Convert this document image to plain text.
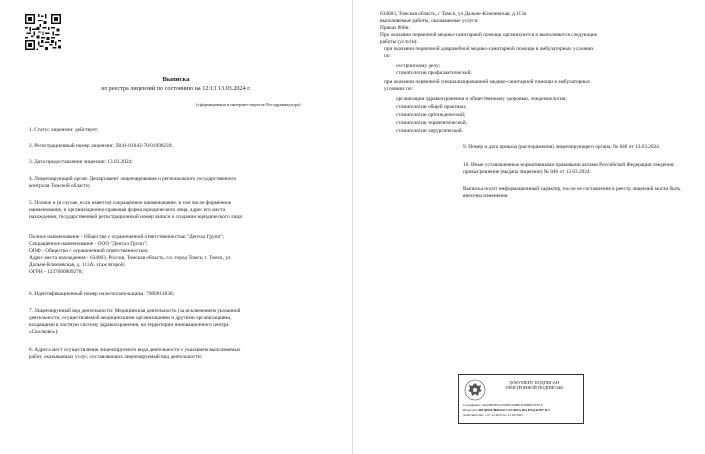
Выписка
из реестра лицензий по состоянию на 12:13 13.03.2024 г.
(сформирована в интернет-портале Росздравнадзора)
1. Статус лицензии: действует;
2. Регистрационный номер лицензии: Л041-01043-70/01090239;
3. Дата предоставления лицензии: 13.03.2024;
4. Лицензирующий орган: Департамент лицензирования и регионального государственного
контроля Томской области;
5. Полное и (в случае, если имеется) сокращённое наименование, в том числе фирменное
наименование, и организационно-правовая форма юридического лица, адрес его места
нахождения, государственный регистрационный номер записи о создании юридического лица:
Полное наименование - Общество с ограниченной ответственностью "Дентал Групп";
Сокращённое наименование - ООО "Дентал Групп";
ОПФ - Общество с ограниченной ответственностью;
Адрес места нахождения - 634003, Россия, Томская область, г.о. город Томск, г. Томск, ул.
Дальне-Ключевская, д. 113А, этаж второй;
ОГРН - 1237000009278;
6. Идентификационный номер налогоплательщика: 7000011830;
7. Лицензируемый вид деятельности: Медицинская деятельность (за исключением указанной
деятельности, осуществляемой медицинскими организациями и другими организациями,
входящими в частную систему здравоохранения, на территории инновационного центра
«Сколково»);
8. Адреса мест осуществления лицензируемого вида деятельности с указанием выполняемых
работ, оказываемых услуг, составляющих лицензируемый вид деятельности:
634003, Томская область, г Томск, ул Дальне-Ключевская, д 113а
выполняемые работы, оказываемые услуги:
Приказ 866н:
При оказании первичной медико-санитарной помощи организуются и выполняются следующие
работы (услуги):
при оказании первичной доврачебной медико-санитарной помощи в амбулаторных условиях
по:
сестринскому делу;
стоматологии профилактической;
при оказании первичной специализированной медико-санитарной помощи в амбулаторных
условиях по:
организации здравоохранения и общественному здоровью, эпидемиологии;
стоматологии общей практики;
стоматологии ортопедической;
стоматологии терапевтической;
стоматологии хирургической.
9. Номер и дата приказа (распоряжения) лицензирующего органа: № 846 от 13.03.2024.
10. Иные установленные нормативными правовыми актами Российской Федерации сведения:
приказ/решение (выдача лицензии) № 846 от 13.03.2024.
Выписка носит информационный характер, после ее составления в реестр лицензий могли быть
внесены изменения.
ДОКУМЕНТ ПОДПИСАН
ЭЛЕКТРОННОЙ ПОДПИСЬЮ
Сертификат: 46A3695F522108BA5068E3CBBB25TEC0
Владелец: ФЕДЕРАЛЬНАЯ СЛУЖБА ПО НАДЗОРУ В С
Действителен: с 07.12.2023 по 01.03.2025
